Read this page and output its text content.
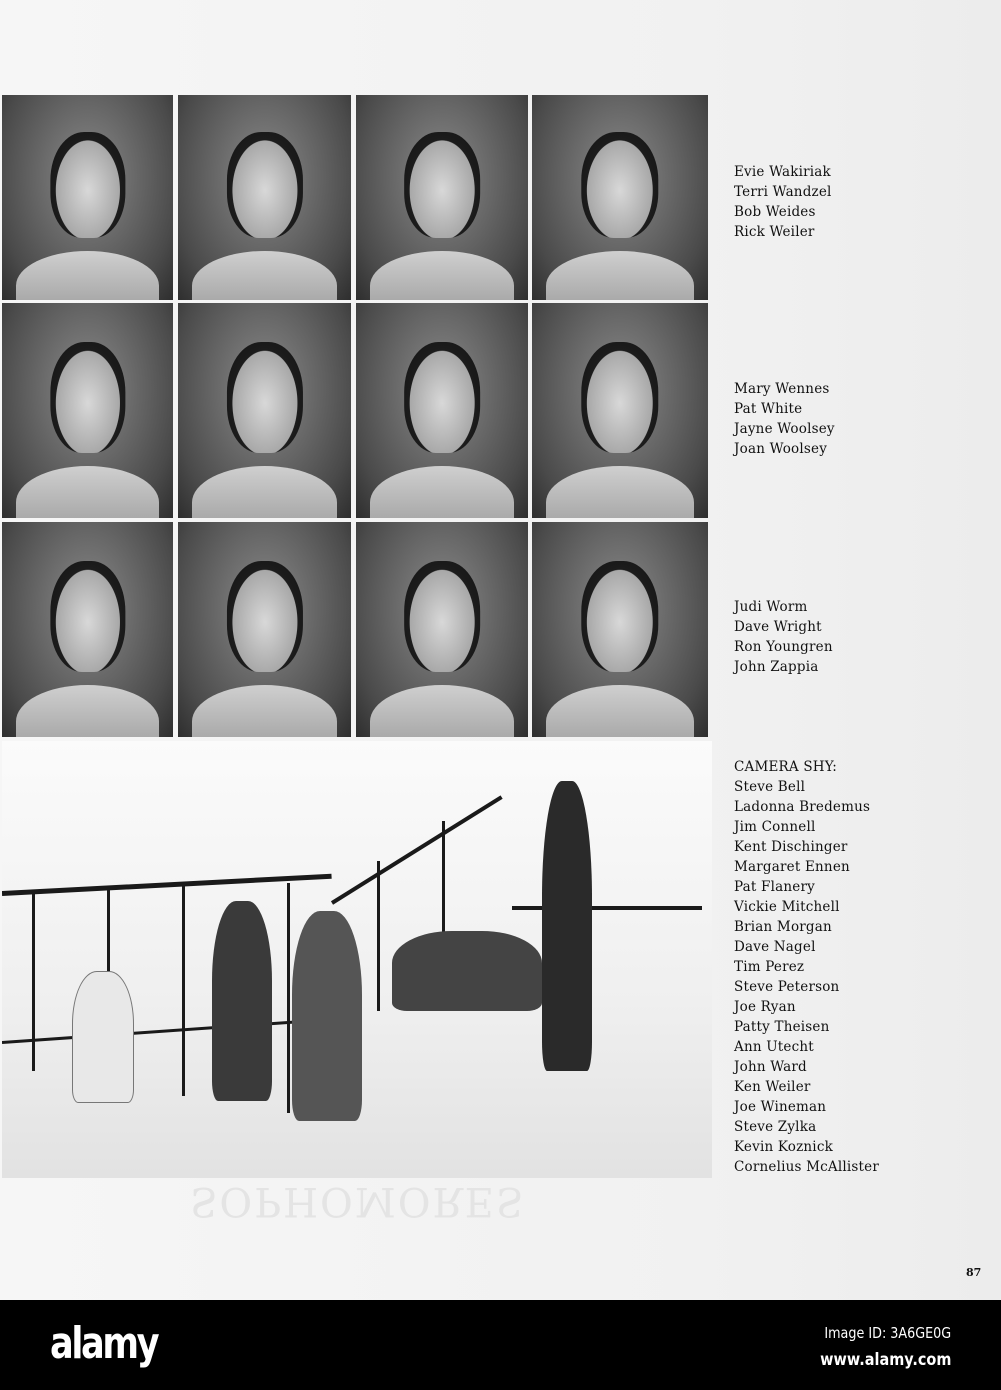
Evie Wakiriak
Terri Wandzel
Bob Weides
Rick Weiler
Mary Wennes
Pat White
Jayne Woolsey
Joan Woolsey
Judi Worm
Dave Wright
Ron Youngren
John Zappia
CAMERA SHY:
Steve Bell
Ladonna Bredemus
Jim Connell
Kent Dischinger
Margaret Ennen
Pat Flanery
Vickie Mitchell
Brian Morgan
Dave Nagel
Tim Perez
Steve Peterson
Joe Ryan
Patty Theisen
Ann Utecht
John Ward
Ken Weiler
Joe Wineman
Steve Zylka
Kevin Koznick
Cornelius McAllister
SOPHOMORES
87
alamy	Image ID: 3A6GE0G
www.alamy.com
